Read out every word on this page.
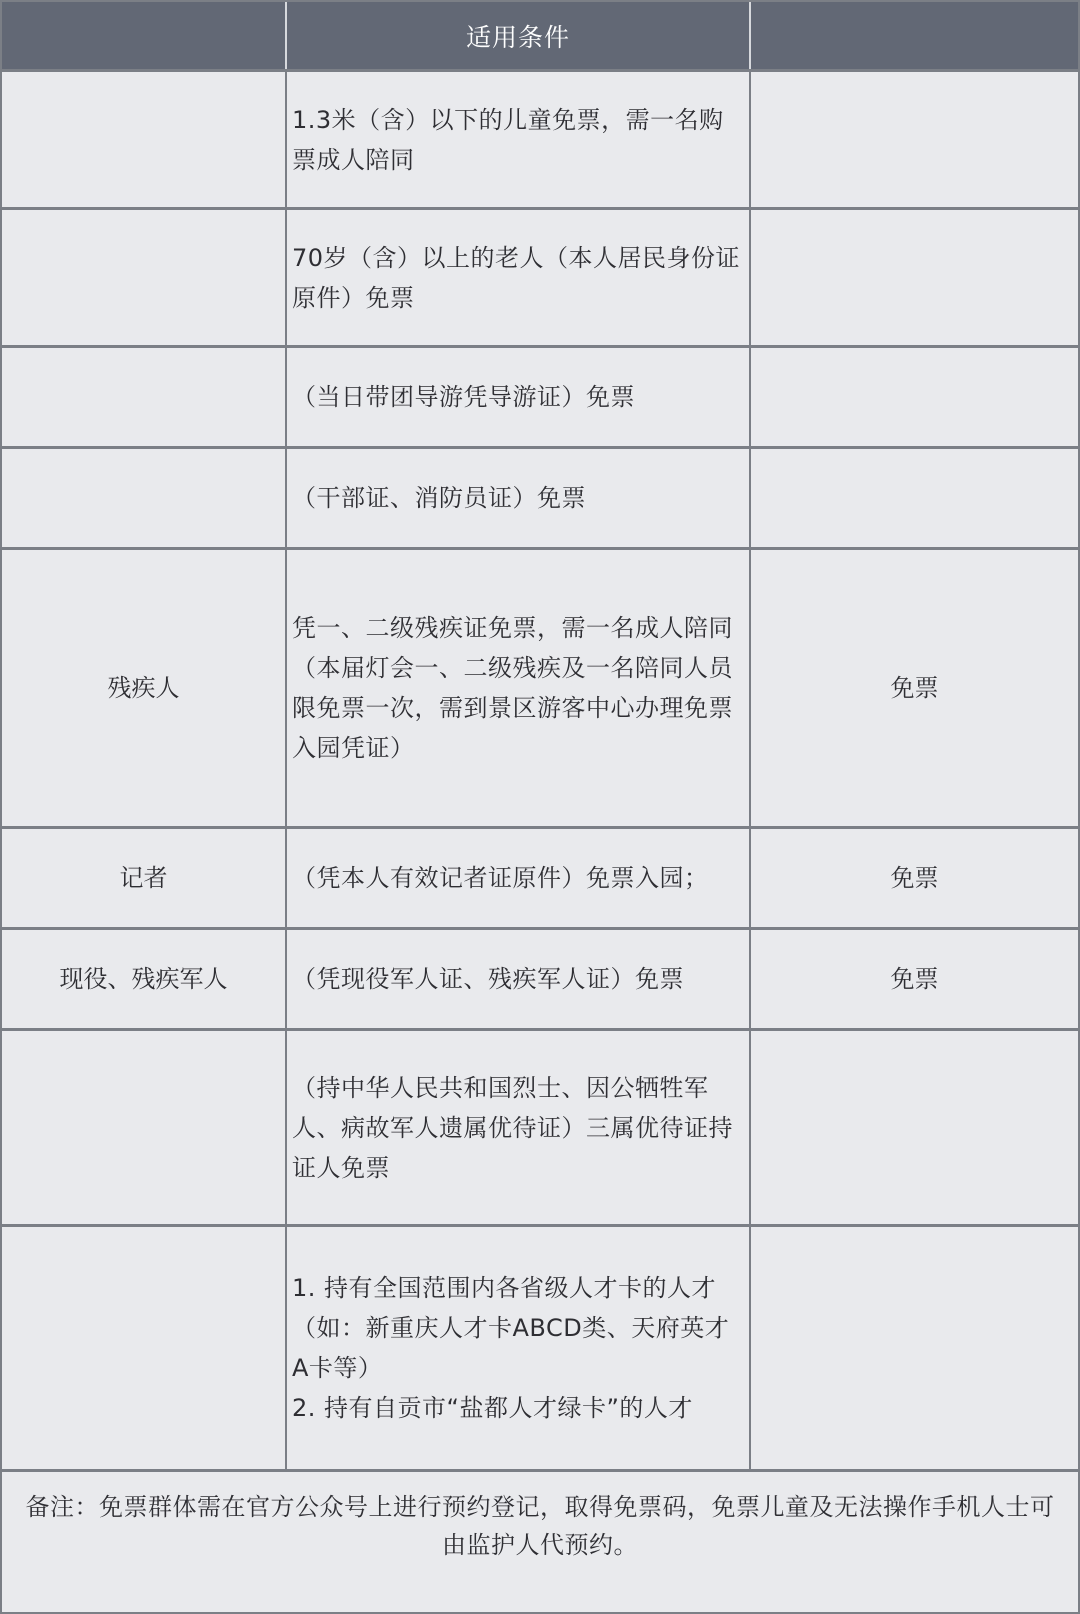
	适用条件	
	1.3米（含）以下的儿童免票，需一名购票成人陪同	
	70岁（含）以上的老人（本人居民身份证原件）免票	
	（当日带团导游凭导游证）免票	
	（干部证、消防员证）免票	
残疾人	凭一、二级残疾证免票，需一名成人陪同（本届灯会一、二级残疾及一名陪同人员限免票一次，需到景区游客中心办理免票入园凭证）	免票
记者	（凭本人有效记者证原件）免票入园；	免票
现役、残疾军人	（凭现役军人证、残疾军人证）免票	免票
	（持中华人民共和国烈士、因公牺牲军人、病故军人遗属优待证）三属优待证持证人免票	

	1. 持有全国范围内各省级人才卡的人才（如：新重庆人才卡ABCD类、天府英才A卡等）
2. 持有自贡市“盐都人才绿卡”的人才	

备注：免票群体需在官方公众号上进行预约登记，取得免票码，免票儿童及无法操作手机人士可由监护人代预约。
